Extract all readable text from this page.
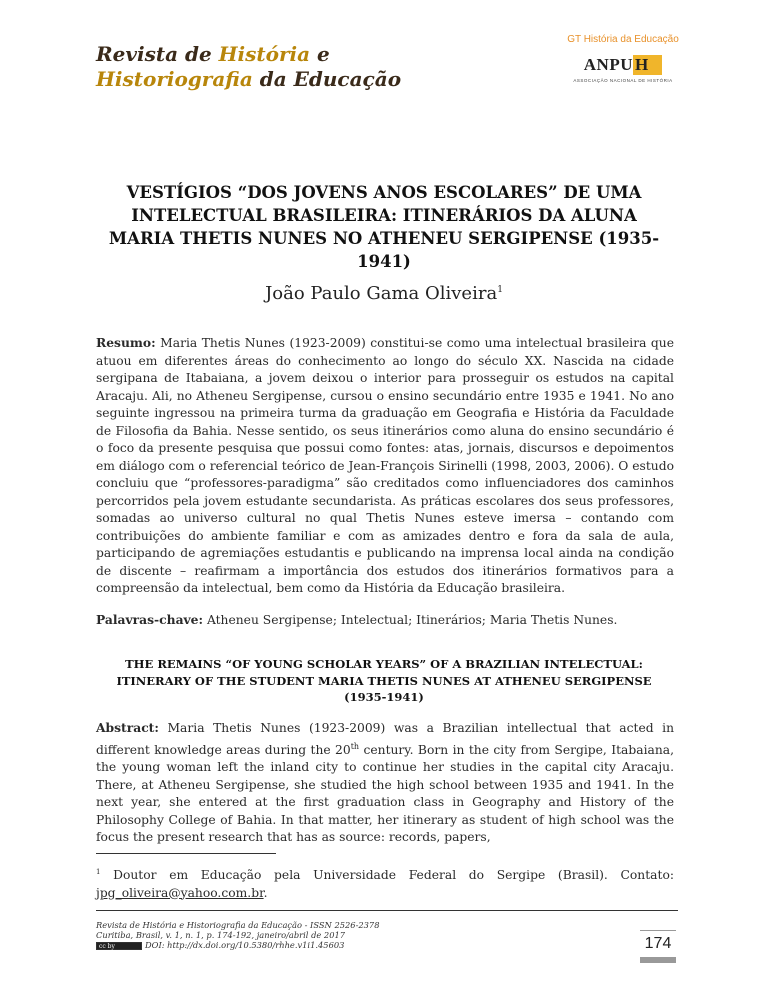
Revista de História e
Historiografia da Educação
GT História da Educação
ANPU H
ASSOCIAÇÃO NACIONAL DE HISTÓRIA
VESTÍGIOS “DOS JOVENS ANOS ESCOLARES” DE UMA INTELECTUAL BRASILEIRA: ITINERÁRIOS DA ALUNA MARIA THETIS NUNES NO ATHENEU SERGIPENSE (1935-1941)
João Paulo Gama Oliveira$^1$
Resumo: Maria Thetis Nunes (1923-2009) constitui-se como uma intelectual brasileira que atuou em diferentes áreas do conhecimento ao longo do século XX. Nascida na cidade sergipana de Itabaiana, a jovem deixou o interior para prosseguir os estudos na capital Aracaju. Ali, no Atheneu Sergipense, cursou o ensino secundário entre 1935 e 1941. No ano seguinte ingressou na primeira turma da graduação em Geografia e História da Faculdade de Filosofia da Bahia. Nesse sentido, os seus itinerários como aluna do ensino secundário é o foco da presente pesquisa que possui como fontes: atas, jornais, discursos e depoimentos em diálogo com o referencial teórico de Jean-François Sirinelli (1998, 2003, 2006). O estudo concluiu que “professores-paradigma” são creditados como influenciadores dos caminhos percorridos pela jovem estudante secundarista. As práticas escolares dos seus professores, somadas ao universo cultural no qual Thetis Nunes esteve imersa – contando com contribuições do ambiente familiar e com as amizades dentro e fora da sala de aula, participando de agremiações estudantis e publicando na imprensa local ainda na condição de discente – reafirmam a importância dos estudos dos itinerários formativos para a compreensão da intelectual, bem como da História da Educação brasileira.
Palavras-chave: Atheneu Sergipense; Intelectual; Itinerários; Maria Thetis Nunes.
THE REMAINS “OF YOUNG SCHOLAR YEARS” OF A BRAZILIAN INTELECTUAL: ITINERARY OF THE STUDENT MARIA THETIS NUNES AT ATHENEU SERGIPENSE (1935-1941)
Abstract: Maria Thetis Nunes (1923-2009) was a Brazilian intellectual that acted in different knowledge areas during the 20th century. Born in the city from Sergipe, Itabaiana, the young woman left the inland city to continue her studies in the capital city Aracaju. There, at Atheneu Sergipense, she studied the high school between 1935 and 1941. In the next year, she entered at the first graduation class in Geography and History of the Philosophy College of Bahia. In that matter, her itinerary as student of high school was the focus the present research that has as source: records, papers,
$^1$ Doutor em Educação pela Universidade Federal do Sergipe (Brasil). Contato: jpg_oliveira@yahoo.com.br.
Revista de História e Historiografia da Educação - ISSN 2526-2378
Curitiba, Brasil, v. 1, n. 1, p. 174-192, janeiro/abril de 2017
cc by	DOI: http://dx.doi.org/10.5380/rhhe.v1i1.45603	174
